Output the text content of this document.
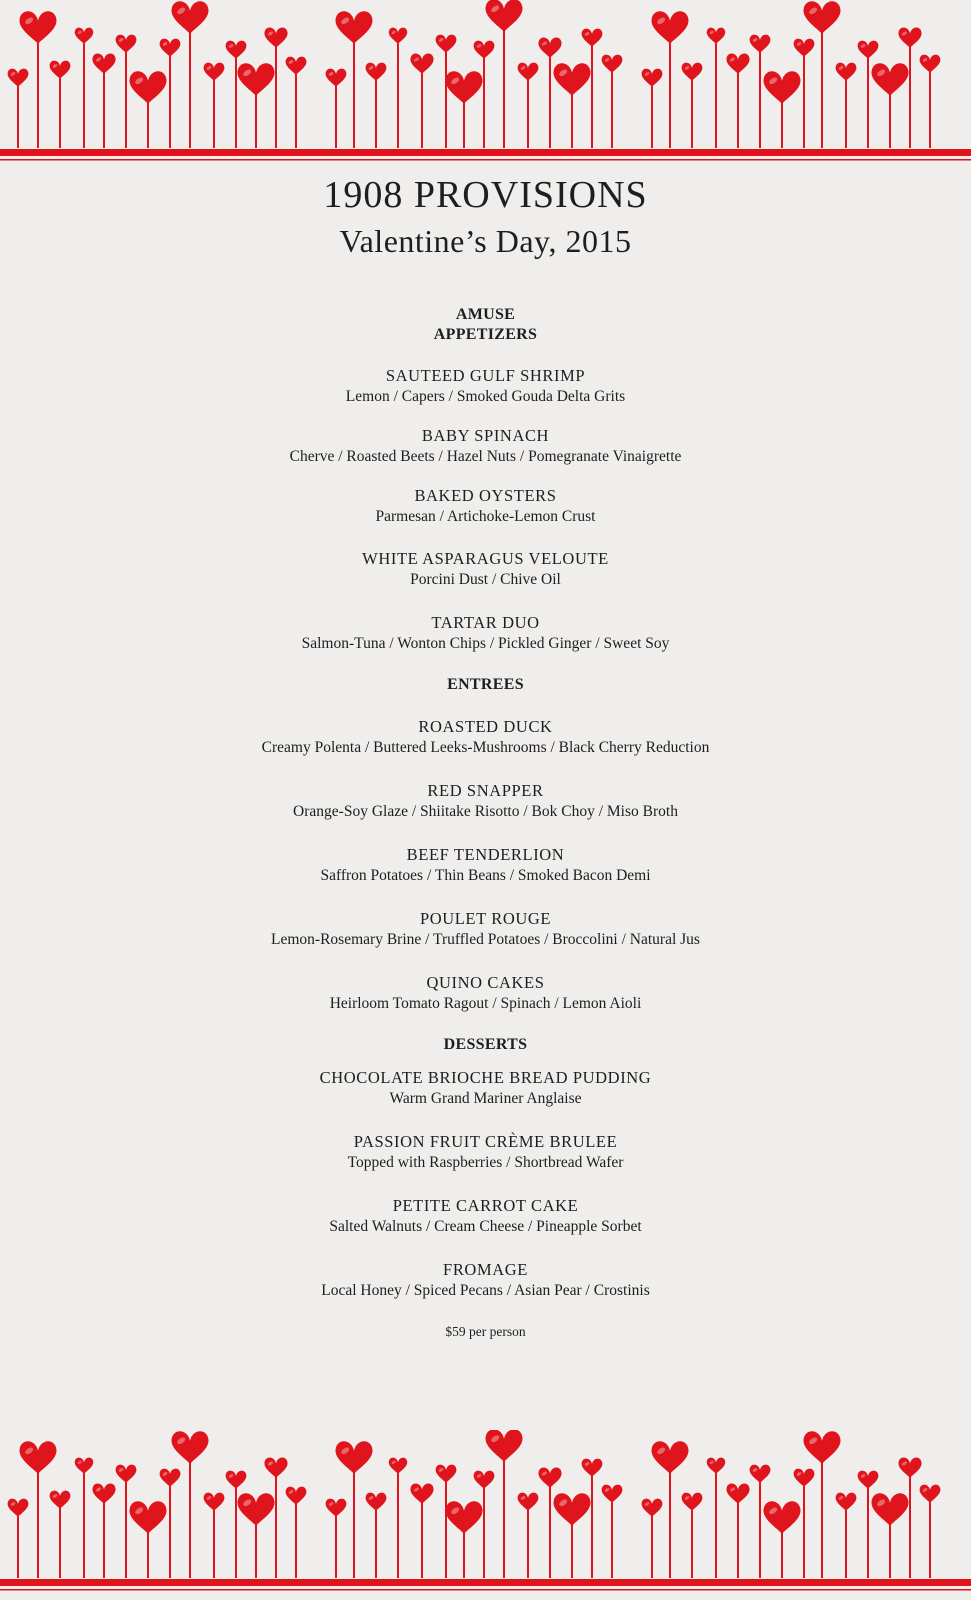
1908 PROVISIONS
Valentine’s Day, 2015
AMUSE
APPETIZERS
SAUTEED GULF SHRIMP
Lemon / Capers / Smoked Gouda Delta Grits
BABY SPINACH
Cherve / Roasted Beets / Hazel Nuts / Pomegranate Vinaigrette
BAKED OYSTERS
Parmesan / Artichoke-Lemon Crust
WHITE ASPARAGUS VELOUTE
Porcini Dust / Chive Oil
TARTAR DUO
Salmon-Tuna / Wonton Chips / Pickled Ginger / Sweet Soy
ENTREES
ROASTED DUCK
Creamy Polenta / Buttered Leeks-Mushrooms / Black Cherry Reduction
RED SNAPPER
Orange-Soy Glaze / Shiitake Risotto / Bok Choy / Miso Broth
BEEF TENDERLION
Saffron Potatoes / Thin Beans / Smoked Bacon Demi
POULET ROUGE
Lemon-Rosemary Brine / Truffled Potatoes / Broccolini / Natural Jus
QUINO CAKES
Heirloom Tomato Ragout / Spinach / Lemon Aioli
DESSERTS
CHOCOLATE BRIOCHE BREAD PUDDING
Warm Grand Mariner Anglaise
PASSION FRUIT CRÈME BRULEE
Topped with Raspberries / Shortbread Wafer
PETITE CARROT CAKE
Salted Walnuts / Cream Cheese / Pineapple Sorbet
FROMAGE
Local Honey / Spiced Pecans / Asian Pear / Crostinis
$59 per person
